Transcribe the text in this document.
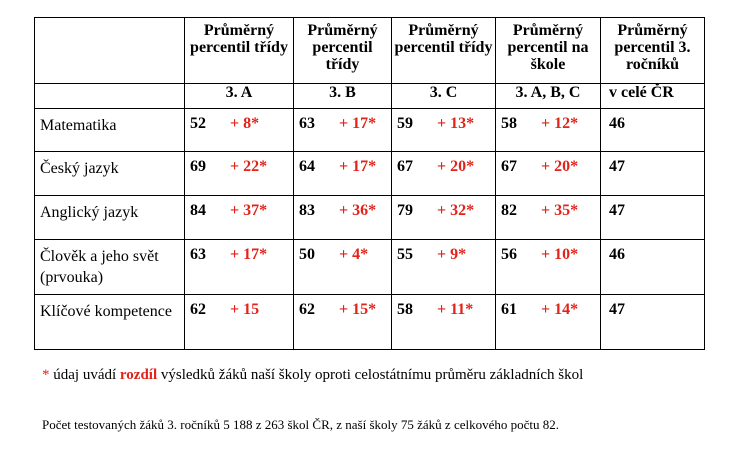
	Průměrný percentil třídy	Průměrný percentil třídy	Průměrný percentil třídy	Průměrný percentil na škole	Průměrný percentil 3. ročníků

	3. A	3. B	3. C	3. A, B, C	v celé ČR
Matematika	52 + 8*	63 + 17*	59 + 13*	58 + 12*	46
Český jazyk	69 + 22*	64 + 17*	67 + 20*	67 + 20*	47
Anglický jazyk	84 + 37*	83 + 36*	79 + 32*	82 + 35*	47
Člověk a jeho svět (prvouka)	63 + 17*	50 + 4*	55 + 9*	56 + 10*	46
Klíčové kompetence	62 + 15	62 + 15*	58 + 11*	61 + 14*	47
* údaj uvádí rozdíl výsledků žáků naší školy oproti celostátnímu průměru základních škol
Počet testovaných žáků 3. ročníků 5 188 z 263 škol ČR, z naší školy 75 žáků z celkového počtu 82.
